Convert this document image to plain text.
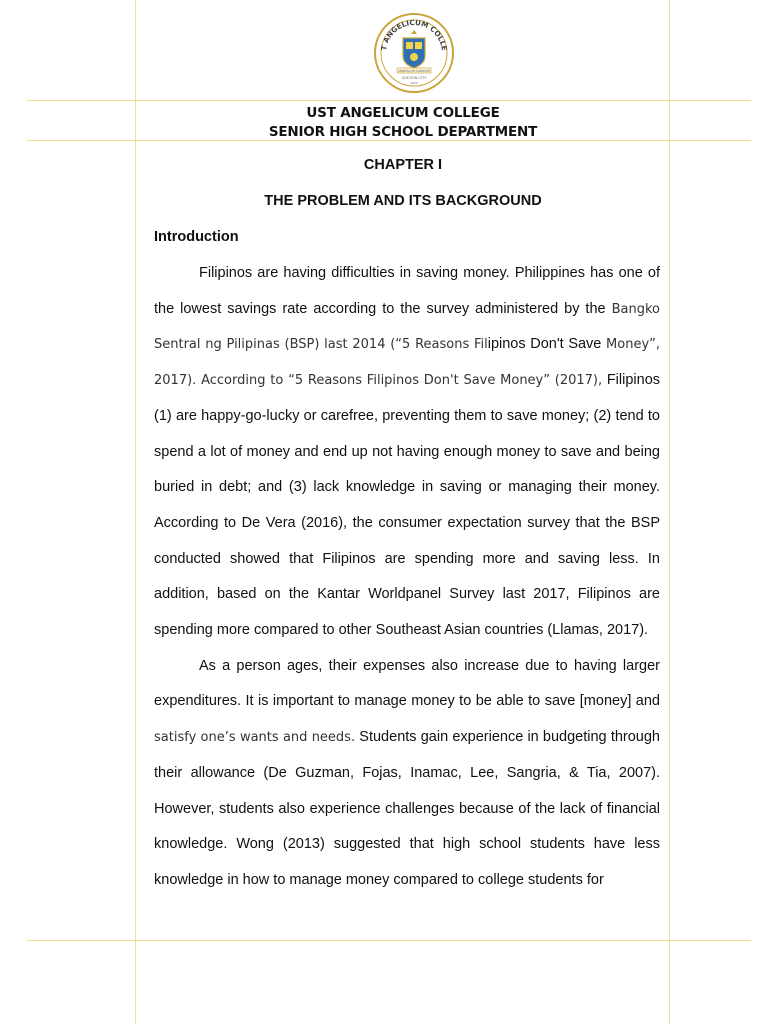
T ANGELICUM COLLE
VERITAS IN CARITATE
QUEZON CITY
1972
UST ANGELICUM COLLEGE
SENIOR HIGH SCHOOL DEPARTMENT
CHAPTER I
THE PROBLEM AND ITS BACKGROUND
Introduction

Filipinos are having difficulties in saving money. Philippines has one of the lowest savings rate according to the survey administered by the Bangko Sentral ng Pilipinas (BSP) last 2014 (“5 Reasons Filipinos Don't Save Money”, 2017). According to “5 Reasons Filipinos Don't Save Money” (2017), Filipinos (1) are happy-go-lucky or carefree, preventing them to save money; (2) tend to spend a lot of money and end up not having enough money to save and being buried in debt; and (3) lack knowledge in saving or managing their money. According to De Vera (2016), the consumer expectation survey that the BSP conducted showed that Filipinos are spending more and saving less. In addition, based on the Kantar Worldpanel Survey last 2017, Filipinos are spending more compared to other Southeast Asian countries (Llamas, 2017).

As a person ages, their expenses also increase due to having larger expenditures. It is important to manage money to be able to save [money] and satisfy one’s wants and needs. Students gain experience in budgeting through their allowance (De Guzman, Fojas, Inamac, Lee, Sangria, & Tia, 2007). However, students also experience challenges because of the lack of financial knowledge. Wong (2013) suggested that high school students have less knowledge in how to manage money compared to college students for
